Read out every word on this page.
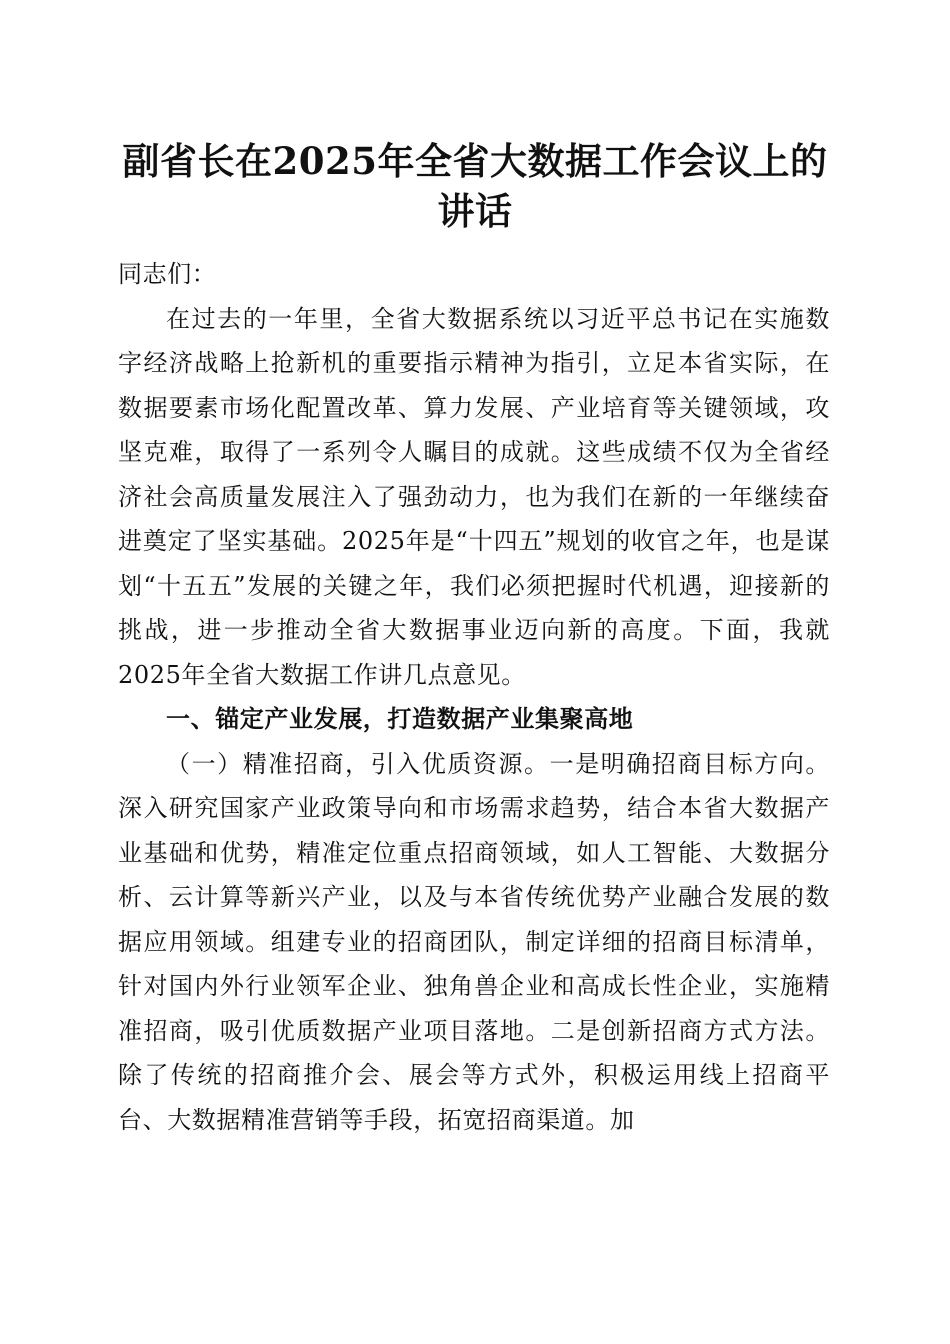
副省长在2025年全省大数据工作会议上的讲话

同志们：

在过去的一年里，全省大数据系统以习近平总书记在实施数字经济战略上抢新机的重要指示精神为指引，立足本省实际，在数据要素市场化配置改革、算力发展、产业培育等关键领域，攻坚克难，取得了一系列令人瞩目的成就。这些成绩不仅为全省经济社会高质量发展注入了强劲动力，也为我们在新的一年继续奋进奠定了坚实基础。2025年是“十四五”规划的收官之年，也是谋划“十五五”发展的关键之年，我们必须把握时代机遇，迎接新的挑战，进一步推动全省大数据事业迈向新的高度。下面，我就2025年全省大数据工作讲几点意见。

一、锚定产业发展，打造数据产业集聚高地

（一）精准招商，引入优质资源。一是明确招商目标方向。深入研究国家产业政策导向和市场需求趋势，结合本省大数据产业基础和优势，精准定位重点招商领域，如人工智能、大数据分析、云计算等新兴产业，以及与本省传统优势产业融合发展的数据应用领域。组建专业的招商团队，制定详细的招商目标清单，针对国内外行业领军企业、独角兽企业和高成长性企业，实施精准招商，吸引优质数据产业项目落地。二是创新招商方式方法。除了传统的招商推介会、展会等方式外，积极运用线上招商平台、大数据精准营销等手段，拓宽招商渠道。加
